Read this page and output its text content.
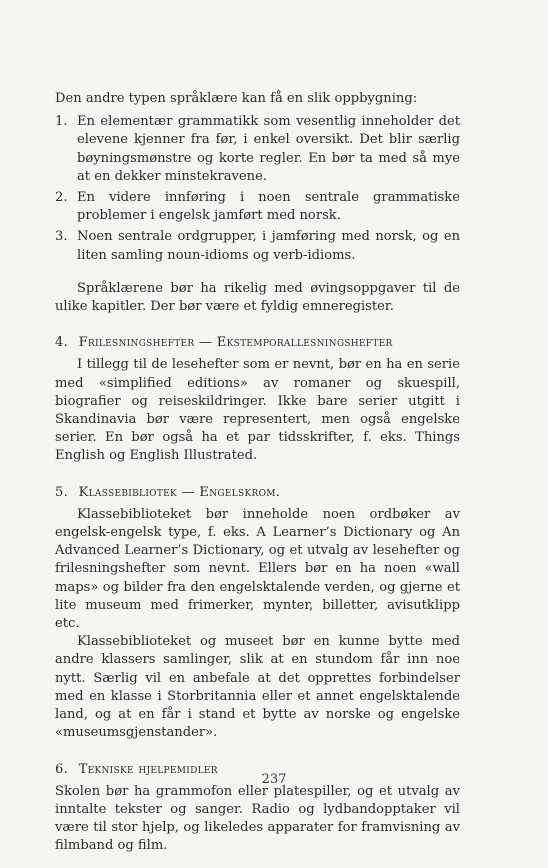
Den andre typen språklære kan få en slik oppbygning:

1. En elementær grammatikk som vesentlig inneholder det elevene kjenner fra før, i enkel oversikt. Det blir særlig bøyningsmønstre og korte regler. En bør ta med så mye at en dekker minstekravene.
2. En videre innføring i noen sentrale grammatiske problemer i engelsk jamført med norsk.
3. Noen sentrale ordgrupper, i jamføring med norsk, og en liten samling noun-idioms og verb-idioms.

Språklærene bør ha rikelig med øvingsoppgaver til de ulike kapitler. Der bør være et fyldig emneregister.

4. Frilesningshefter — Ekstemporallesningshefter

I tillegg til de lesehefter som er nevnt, bør en ha en serie med «simplified editions» av romaner og skuespill, biografier og reiseskildringer. Ikke bare serier utgitt i Skandinavia bør være representert, men også engelske serier. En bør også ha et par tidsskrifter, f. eks. Things English og English Illustrated.

5. Klassebibliotek — Engelskrom.

Klassebiblioteket bør inneholde noen ordbøker av engelsk-engelsk type, f. eks. A Learner’s Dictionary og An Advanced Learner’s Dictionary, og et utvalg av lesehefter og frilesningshefter som nevnt. Ellers bør en ha noen «wall maps» og bilder fra den engelsktalende verden, og gjerne et lite museum med frimerker, mynter, billetter, avisutklipp etc.

Klassebiblioteket og museet bør en kunne bytte med andre klassers samlinger, slik at en stundom får inn noe nytt. Særlig vil en anbefale at det opprettes forbindelser med en klasse i Storbritannia eller et annet engelsktalende land, og at en får i stand et bytte av norske og engelske «museumsgjenstander».

6. Tekniske hjelpemidler

Skolen bør ha grammofon eller platespiller, og et utvalg av inntalte tekster og sanger. Radio og lydbandopptaker vil være til stor hjelp, og likeledes apparater for framvisning av filmband og film.

237
